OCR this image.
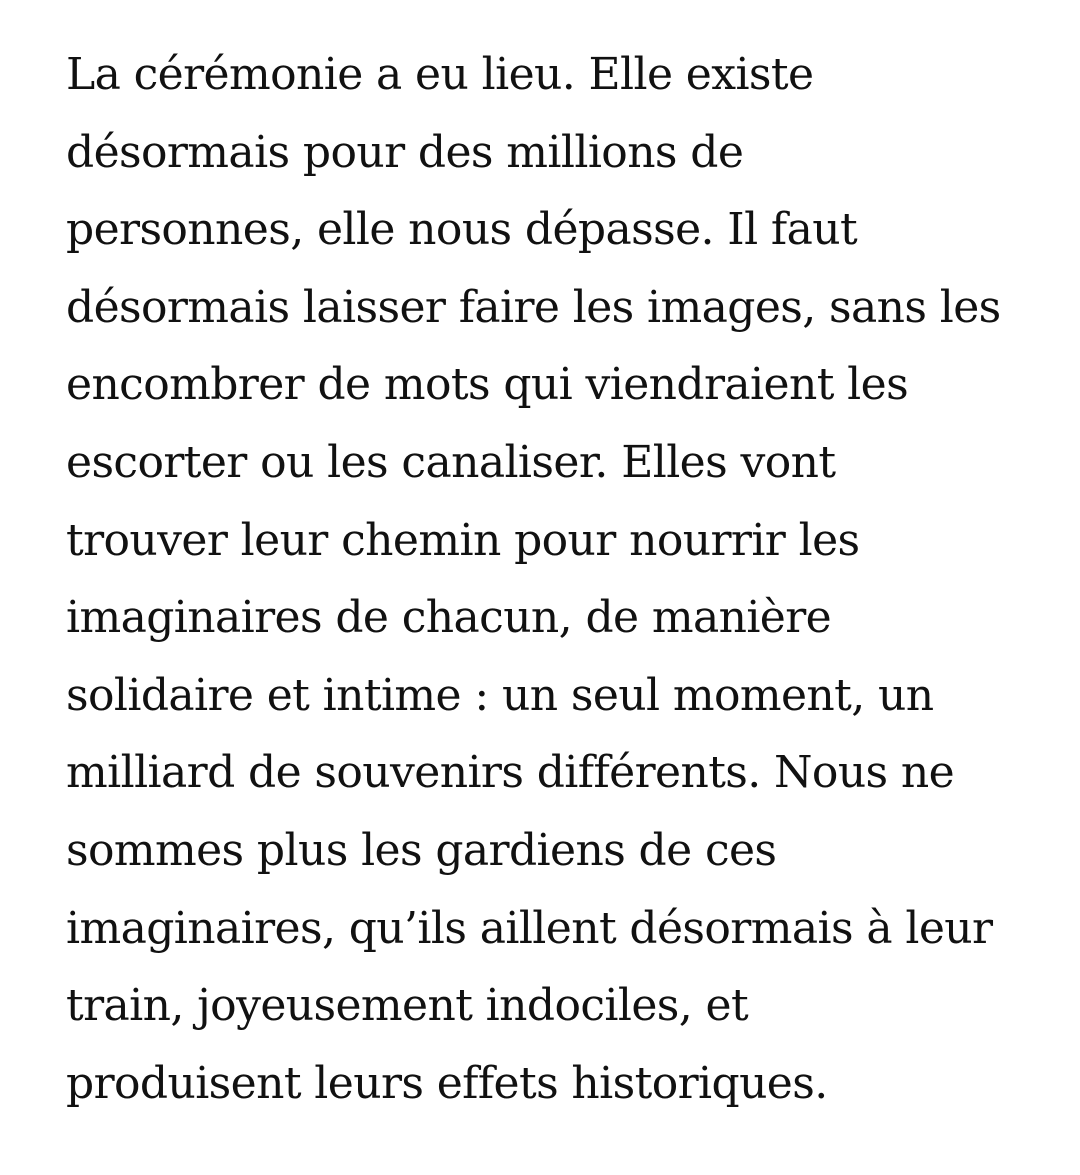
La cérémonie a eu lieu. Elle existe
désormais pour des millions de
personnes, elle nous dépasse. Il faut
désormais laisser faire les images, sans les
encombrer de mots qui viendraient les
escorter ou les canaliser. Elles vont
trouver leur chemin pour nourrir les
imaginaires de chacun, de manière
solidaire et intime : un seul moment, un
milliard de souvenirs différents. Nous ne
sommes plus les gardiens de ces
imaginaires, qu’ils aillent désormais à leur
train, joyeusement indociles, et
produisent leurs effets historiques.
